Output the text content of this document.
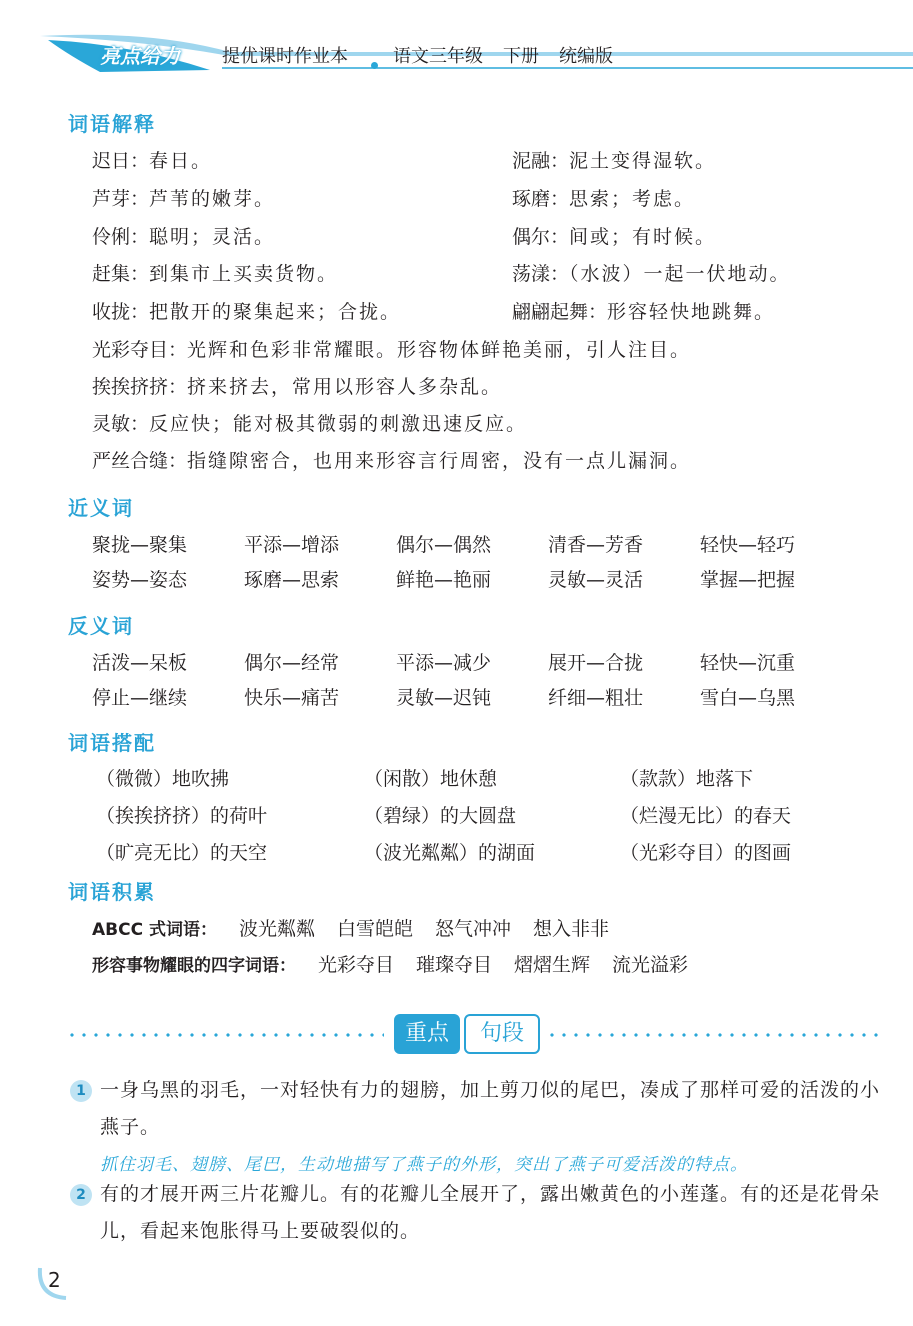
亮点给力 提优课时作业本	语文三年级 下册 统编版
词语解释
迟日：春日。
芦芽：芦苇的嫩芽。
伶俐：聪明；灵活。
赶集：到集市上买卖货物。
收拢：把散开的聚集起来；合拢。
泥融：泥土变得湿软。
琢磨：思索；考虑。
偶尔：间或；有时候。
荡漾：（水波）一起一伏地动。
翩翩起舞：形容轻快地跳舞。
光彩夺目：光辉和色彩非常耀眼。形容物体鲜艳美丽，引人注目。
挨挨挤挤：挤来挤去，常用以形容人多杂乱。
灵敏：反应快；能对极其微弱的刺激迅速反应。
严丝合缝：指缝隙密合，也用来形容言行周密，没有一点儿漏洞。
近义词
聚拢—聚集	平添—增添	偶尔—偶然	清香—芳香	轻快—轻巧
姿势—姿态	琢磨—思索	鲜艳—艳丽	灵敏—灵活	掌握—把握
反义词
活泼—呆板	偶尔—经常	平添—减少	展开—合拢	轻快—沉重
停止—继续	快乐—痛苦	灵敏—迟钝	纤细—粗壮	雪白—乌黑
词语搭配
（微微）地吹拂	（闲散）地休憩	（款款）地落下
（挨挨挤挤）的荷叶	（碧绿）的大圆盘	（烂漫无比）的春天
（旷亮无比）的天空	（波光粼粼）的湖面	（光彩夺目）的图画
词语积累
ABCC 式词语： 波光粼粼 白雪皑皑 怒气冲冲 想入非非
形容事物耀眼的四字词语： 光彩夺目 璀璨夺目 熠熠生辉 流光溢彩
重点	句段
1 一身乌黑的羽毛，一对轻快有力的翅膀，加上剪刀似的尾巴，凑成了那样可爱的活泼的小燕子。
抓住羽毛、翅膀、尾巴，生动地描写了燕子的外形，突出了燕子可爱活泼的特点。
2 有的才展开两三片花瓣儿。有的花瓣儿全展开了，露出嫩黄色的小莲蓬。有的还是花骨朵儿，看起来饱胀得马上要破裂似的。
2
